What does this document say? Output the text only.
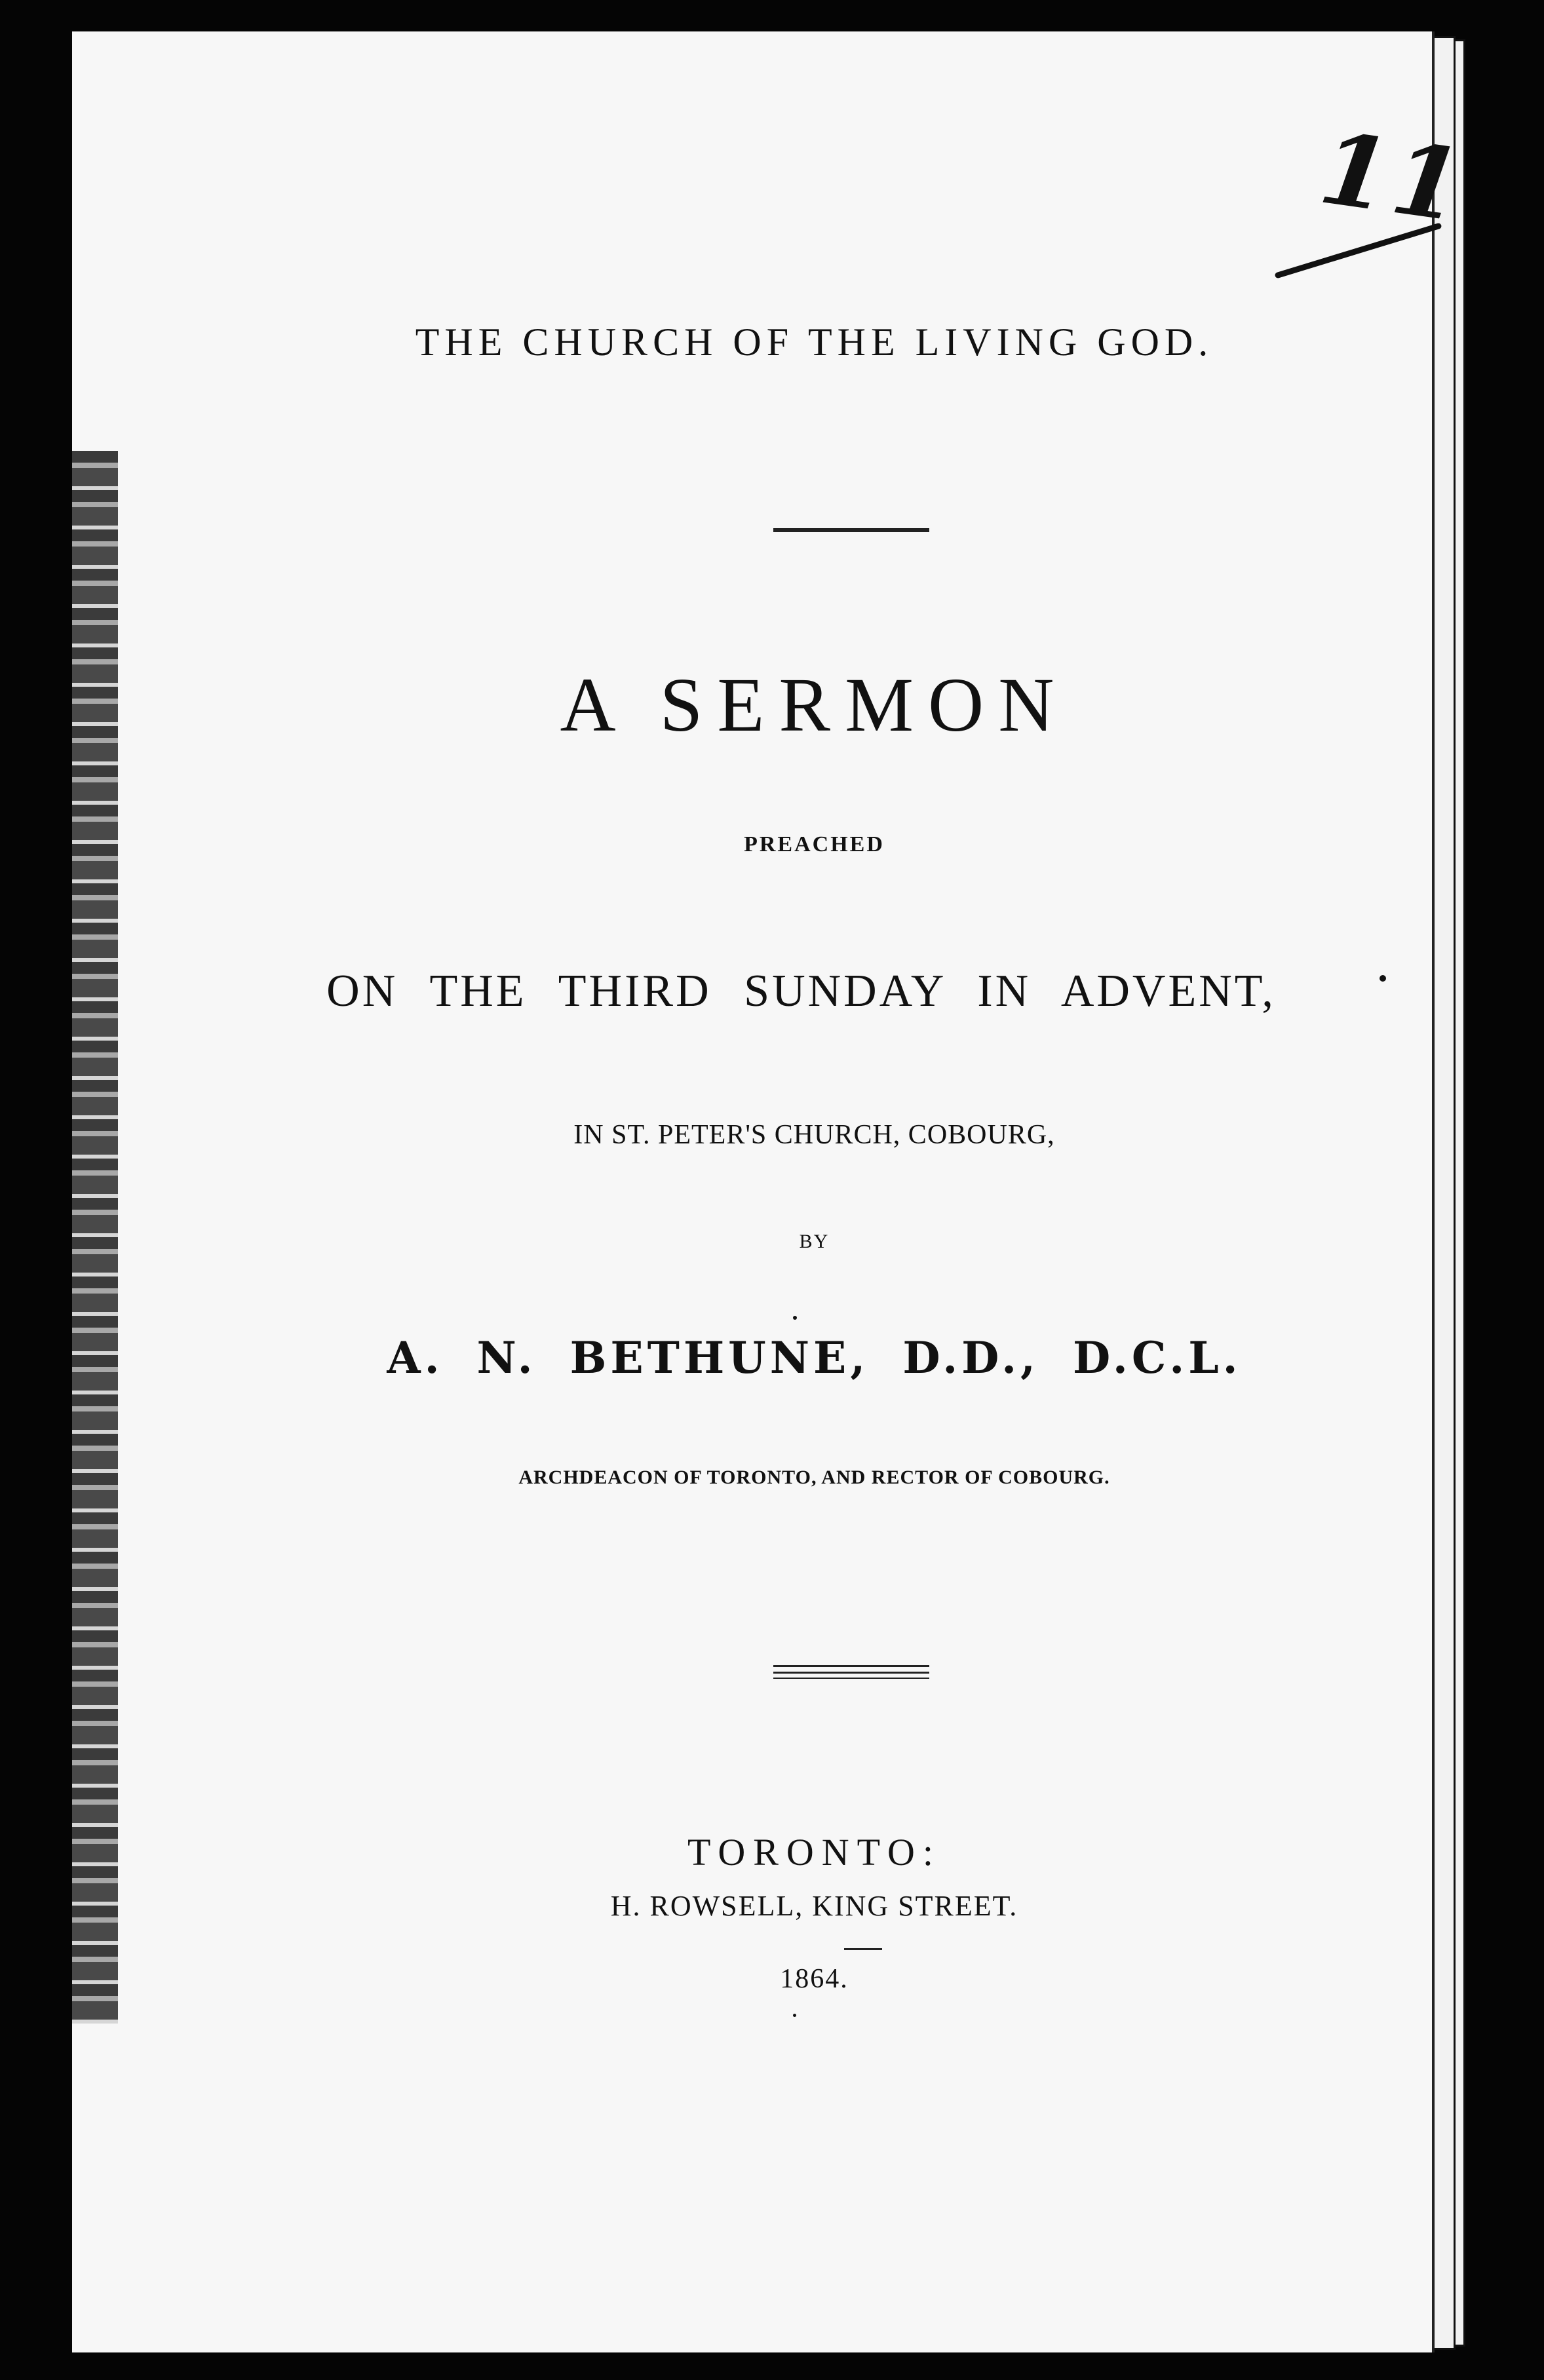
11
THE CHURCH OF THE LIVING GOD.
A SERMON
PREACHED
ON THE THIRD SUNDAY IN ADVENT,
IN ST. PETER'S CHURCH, COBOURG,
BY
A. N. BETHUNE, D.D., D.C.L.
ARCHDEACON OF TORONTO, AND RECTOR OF COBOURG.
TORONTO:
H. ROWSELL, KING STREET.
1864.
